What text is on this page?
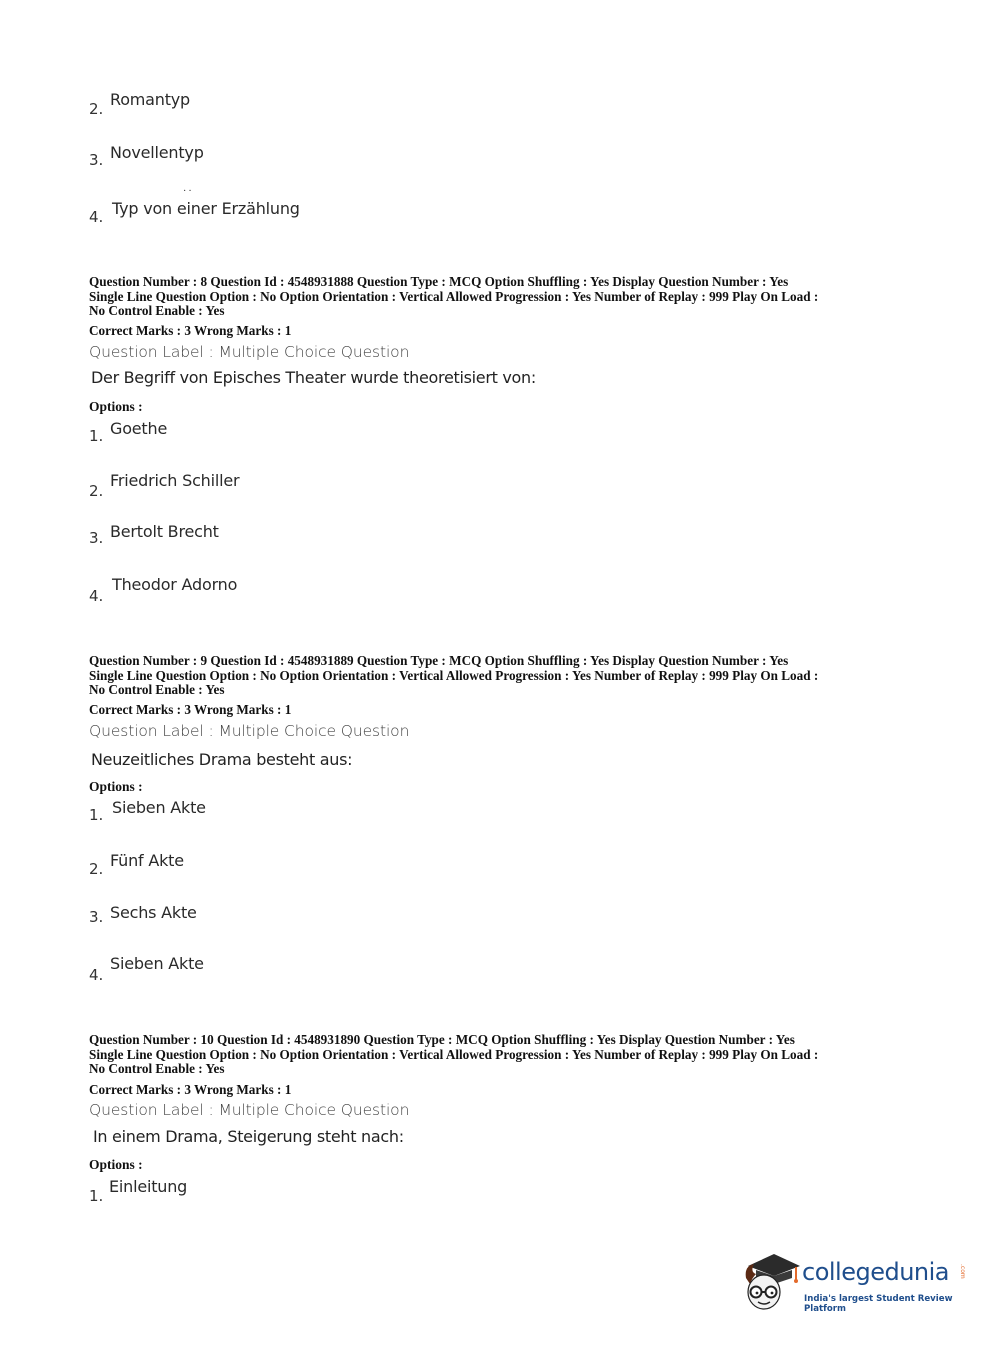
2. Romantyp
3. Novellentyp
··
4. Typ von einer Erzählung
Question Number : 8 Question Id : 4548931888 Question Type : MCQ Option Shuffling : Yes Display Question Number : Yes
Single Line Question Option : No Option Orientation : Vertical Allowed Progression : Yes Number of Replay : 999 Play On Load :
No Control Enable : Yes
Correct Marks : 3 Wrong Marks : 1
Question Label : Multiple Choice Question
Der Begriff von Episches Theater wurde theoretisiert von:
Options :
1. Goethe
2.
Friedrich Schiller
3. Bertolt Brecht
4.
Theodor Adorno
Question Number : 9 Question Id : 4548931889 Question Type : MCQ Option Shuffling : Yes Display Question Number : Yes
Single Line Question Option : No Option Orientation : Vertical Allowed Progression : Yes Number of Replay : 999 Play On Load :
No Control Enable : Yes
Correct Marks : 3 Wrong Marks : 1
Question Label : Multiple Choice Question
Neuzeitliches Drama besteht aus:
Options :
1. Sieben Akte
2. Fünf Akte
3. Sechs Akte
4.
Sieben Akte
Question Number : 10 Question Id : 4548931890 Question Type : MCQ Option Shuffling : Yes Display Question Number : Yes
Single Line Question Option : No Option Orientation : Vertical Allowed Progression : Yes Number of Replay : 999 Play On Load :
No Control Enable : Yes
Correct Marks : 3 Wrong Marks : 1
Question Label : Multiple Choice Question
In einem Drama, Steigerung steht nach:
Options :
1. Einleitung
collegedunia .com
India's largest Student Review Platform
